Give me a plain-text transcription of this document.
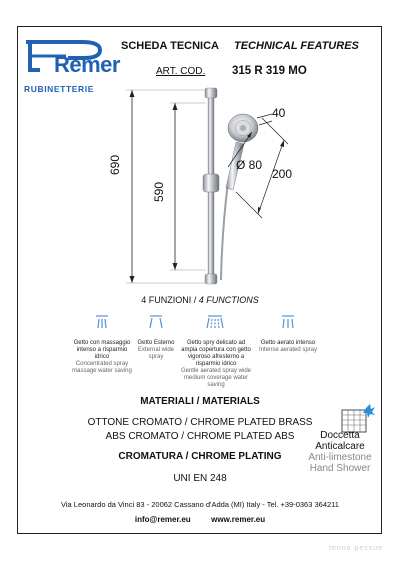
Remer
RUBINETTERIE
SCHEDA TECNICA TECHNICAL FEATURES
ART. COD. 315 R 319 MO
690
590
40
Ø 80
200
4 FUNZIONI / 4 FUNCTIONS
Getto con massaggio intenso a risparmio idrico
Concentrated spray massage water saving
Getto Esterno
External wide spray
Getto spry delicato ad ampia copertura con getto vigoroso afresterno a risparmio idrico
Gentle aerated spray wide medium coverage water saving
Getto aerato intenso
Intense aerated spray
Doccetta
Anticalcare
Anti-limestone
Hand Shower
MATERIALI / MATERIALS
OTTONE CROMATO / CHROME PLATED BRASS
ABS CROMATO / CHROME PLATED ABS
CROMATURA / CHROME PLATING
UNI EN 248
Via Leonardo da Vinci 83 - 20062 Cassano d'Adda (MI) Italy - Tel. +39-0363 364211
info@remer.eu	www.remer.eu
tenno pessue
